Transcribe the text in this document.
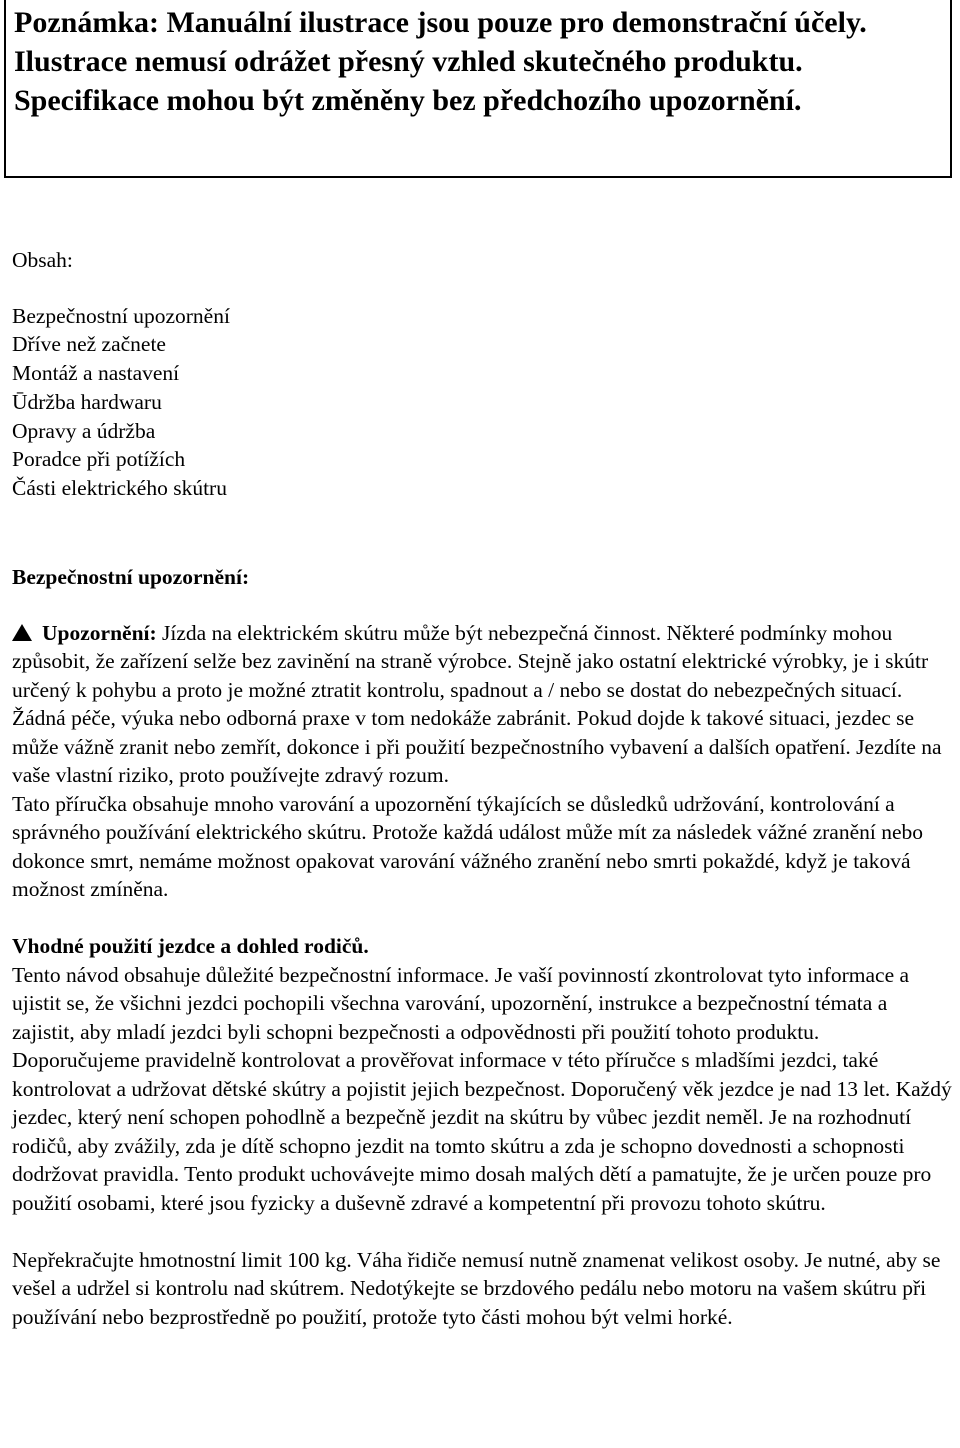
Poznámka: Manuální ilustrace jsou pouze pro demonstrační účely. Ilustrace nemusí odrážet přesný vzhled skutečného produktu. Specifikace mohou být změněny bez předchozího upozornění.

Obsah:

Bezpečnostní upozornění
Dříve než začnete
Montáž a nastavení
Ūdržba hardwaru
Opravy a údržba
Poradce při potížích
Části elektrického skútru
Bezpečnostní upozornění:

Upozornění: Jízda na elektrickém skútru může být nebezpečná činnost. Některé podmínky mohou způsobit, že zařízení selže bez zavinění na straně výrobce. Stejně jako ostatní elektrické výrobky, je i skútr určený k pohybu a proto je možné ztratit kontrolu, spadnout a / nebo se dostat do nebezpečných situací. Žádná péče, výuka nebo odborná praxe v tom nedokáže zabránit. Pokud dojde k takové situaci, jezdec se může vážně zranit nebo zemřít, dokonce i při použití bezpečnostního vybavení a dalších opatření. Jezdíte na vaše vlastní riziko, proto používejte zdravý rozum.

Tato příručka obsahuje mnoho varování a upozornění týkajících se důsledků udržování, kontrolování a správného používání elektrického skútru. Protože každá událost může mít za následek vážné zranění nebo dokonce smrt, nemáme možnost opakovat varování vážného zranění nebo smrti pokaždé, když je taková možnost zmíněna.

Vhodné použití jezdce a dohled rodičů.

Tento návod obsahuje důležité bezpečnostní informace. Je vaší povinností zkontrolovat tyto informace a ujistit se, že všichni jezdci pochopili všechna varování, upozornění, instrukce a bezpečnostní témata a zajistit, aby mladí jezdci byli schopni bezpečnosti a odpovědnosti při použití tohoto produktu. Doporučujeme pravidelně kontrolovat a prověřovat informace v této příručce s mladšími jezdci, také kontrolovat a udržovat dětské skútry a pojistit jejich bezpečnost. Doporučený věk jezdce je nad 13 let. Každý jezdec, který není schopen pohodlně a bezpečně jezdit na skútru by vůbec jezdit neměl. Je na rozhodnutí rodičů, aby zvážily, zda je dítě schopno jezdit na tomto skútru a zda je schopno dovednosti a schopnosti dodržovat pravidla. Tento produkt uchovávejte mimo dosah malých dětí a pamatujte, že je určen pouze pro použití osobami, které jsou fyzicky a duševně zdravé a kompetentní při provozu tohoto skútru.

Nepřekračujte hmotnostní limit 100 kg. Váha řidiče nemusí nutně znamenat velikost osoby. Je nutné, aby se vešel a udržel si kontrolu nad skútrem. Nedotýkejte se brzdového pedálu nebo motoru na vašem skútru při používání nebo bezprostředně po použití, protože tyto části mohou být velmi horké.
